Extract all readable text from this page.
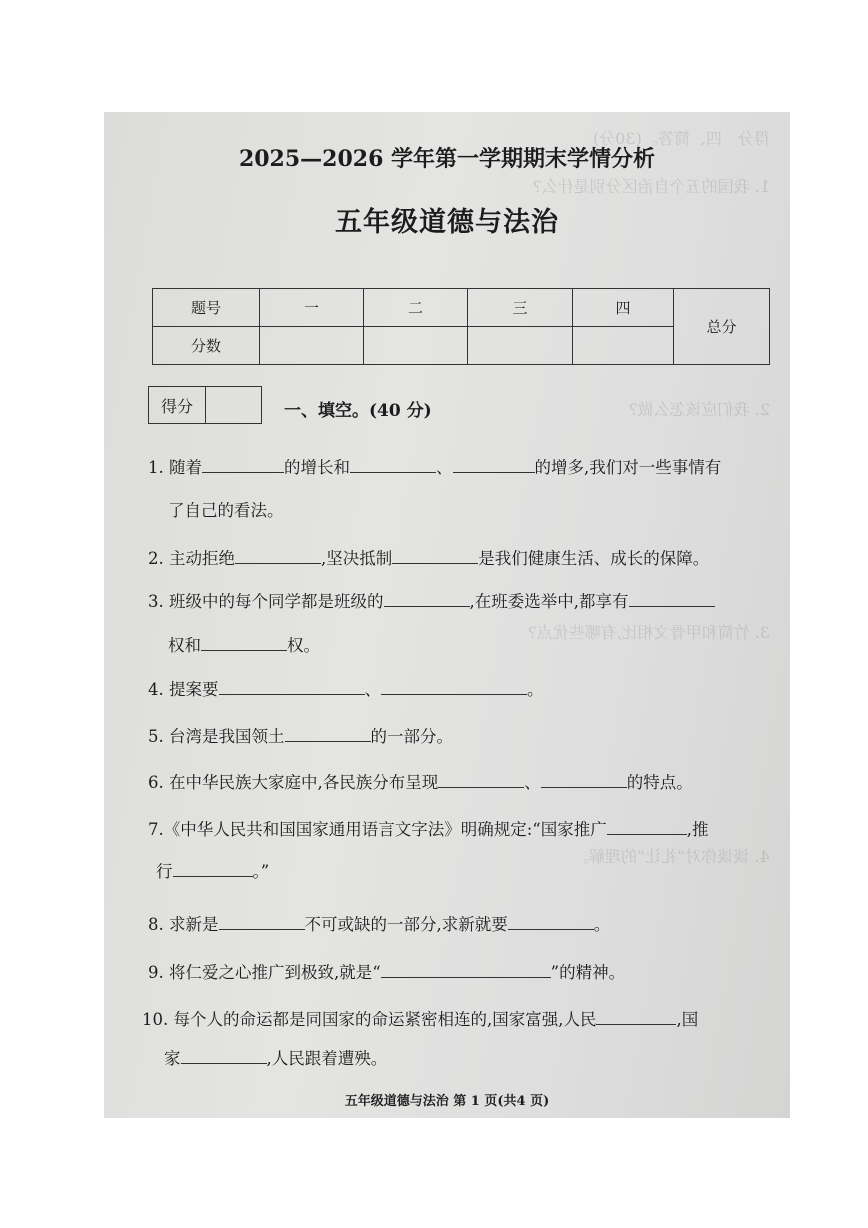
得分　四、简答。(30分)
1. 我国的五个自治区分别是什么?
2. 我们应该怎么做?
3. 竹简和甲骨文相比,有哪些优点?
4. 谈谈你对“礼让”的理解。
2025—2026 学年第一学期期末学情分析
五年级道德与法治
题号	一	二	三	四	总分
分数					
得分	一、填空。(40 分)
1. 随着	的增长和	、	的增多,我们对一些事情有
了自己的看法。
2. 主动拒绝	,坚决抵制	是我们健康生活、成长的保障。
3. 班级中的每个同学都是班级的	,在班委选举中,都享有
权和	权。
4. 提案要	、	。
5. 台湾是我国领土	的一部分。
6. 在中华民族大家庭中,各民族分布呈现	、	的特点。
7.《中华人民共和国国家通用语言文字法》明确规定:“国家推广	,推
行	。”
8. 求新是	不可或缺的一部分,求新就要	。
9. 将仁爱之心推广到极致,就是“	”的精神。
10. 每个人的命运都是同国家的命运紧密相连的,国家富强,人民	,国
家	,人民跟着遭殃。
五年级道德与法治 第 1 页(共4 页)
